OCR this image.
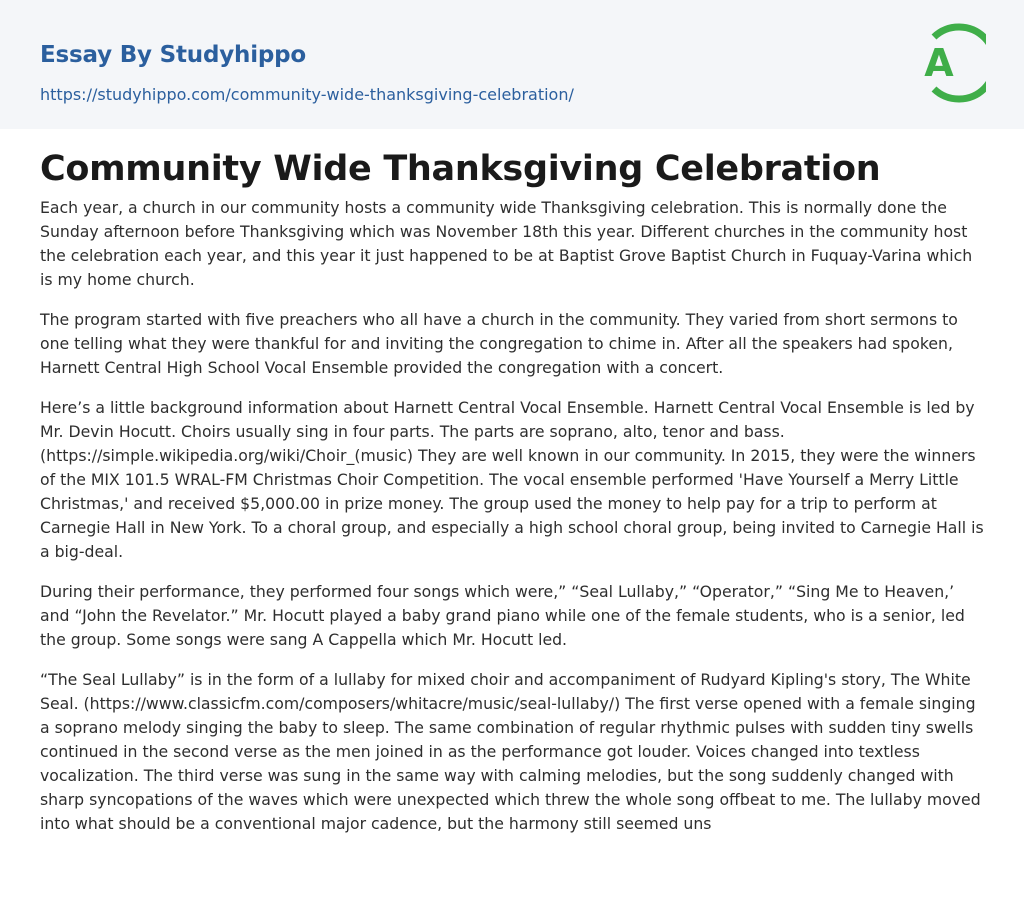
Essay By Studyhippo
https://studyhippo.com/community-wide-thanksgiving-celebration/
A
Community Wide Thanksgiving Celebration

Each year, a church in our community hosts a community wide Thanksgiving celebration. This is normally done the Sunday afternoon before Thanksgiving which was November 18th this year. Different churches in the community host the celebration each year, and this year it just happened to be at Baptist Grove Baptist Church in Fuquay-Varina which is my home church.

The program started with five preachers who all have a church in the community. They varied from short sermons to one telling what they were thankful for and inviting the congregation to chime in. After all the speakers had spoken, Harnett Central High School Vocal Ensemble provided the congregation with a concert.

Here’s a little background information about Harnett Central Vocal Ensemble. Harnett Central Vocal Ensemble is led by Mr. Devin Hocutt. Choirs usually sing in four parts. The parts are soprano, alto, tenor and bass. (https://simple.wikipedia.org/wiki/Choir_(music) They are well known in our community. In 2015, they were the winners of the MIX 101.5 WRAL-FM Christmas Choir Competition. The vocal ensemble performed 'Have Yourself a Merry Little Christmas,' and received $5,000.00 in prize money. The group used the money to help pay for a trip to perform at Carnegie Hall in New York. To a choral group, and especially a high school choral group, being invited to Carnegie Hall is a big-deal.

During their performance, they performed four songs which were,” “Seal Lullaby,” “Operator,” “Sing Me to Heaven,’ and “John the Revelator.” Mr. Hocutt played a baby grand piano while one of the female students, who is a senior, led the group. Some songs were sang A Cappella which Mr. Hocutt led.

“The Seal Lullaby” is in the form of a lullaby for mixed choir and accompaniment of Rudyard Kipling's story, The White Seal. (https://www.classicfm.com/composers/whitacre/music/seal-lullaby/) The first verse opened with a female singing a soprano melody singing the baby to sleep. The same combination of regular rhythmic pulses with sudden tiny swells continued in the second verse as the men joined in as the performance got louder. Voices changed into textless vocalization. The third verse was sung in the same way with calming melodies, but the song suddenly changed with sharp syncopations of the waves which were unexpected which threw the whole song offbeat to me. The lullaby moved into what should be a conventional major cadence, but the harmony still seemed uns
